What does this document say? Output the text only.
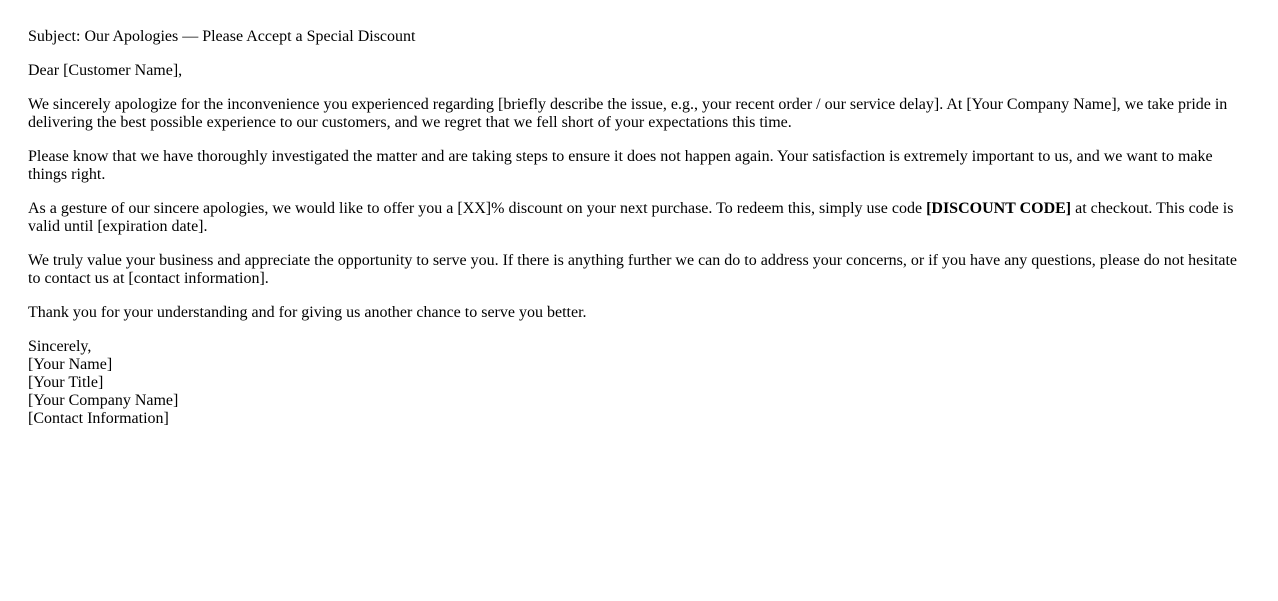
Subject: Our Apologies — Please Accept a Special Discount

Dear [Customer Name],

We sincerely apologize for the inconvenience you experienced regarding [briefly describe the issue, e.g., your recent order / our service delay]. At [Your Company Name], we take pride in delivering the best possible experience to our customers, and we regret that we fell short of your expectations this time.

Please know that we have thoroughly investigated the matter and are taking steps to ensure it does not happen again. Your satisfaction is extremely important to us, and we want to make things right.

As a gesture of our sincere apologies, we would like to offer you a [XX]% discount on your next purchase. To redeem this, simply use code [DISCOUNT CODE] at checkout. This code is valid until [expiration date].

We truly value your business and appreciate the opportunity to serve you. If there is anything further we can do to address your concerns, or if you have any questions, please do not hesitate to contact us at [contact information].

Thank you for your understanding and for giving us another chance to serve you better.

Sincerely,
[Your Name]
[Your Title]
[Your Company Name]
[Contact Information]
